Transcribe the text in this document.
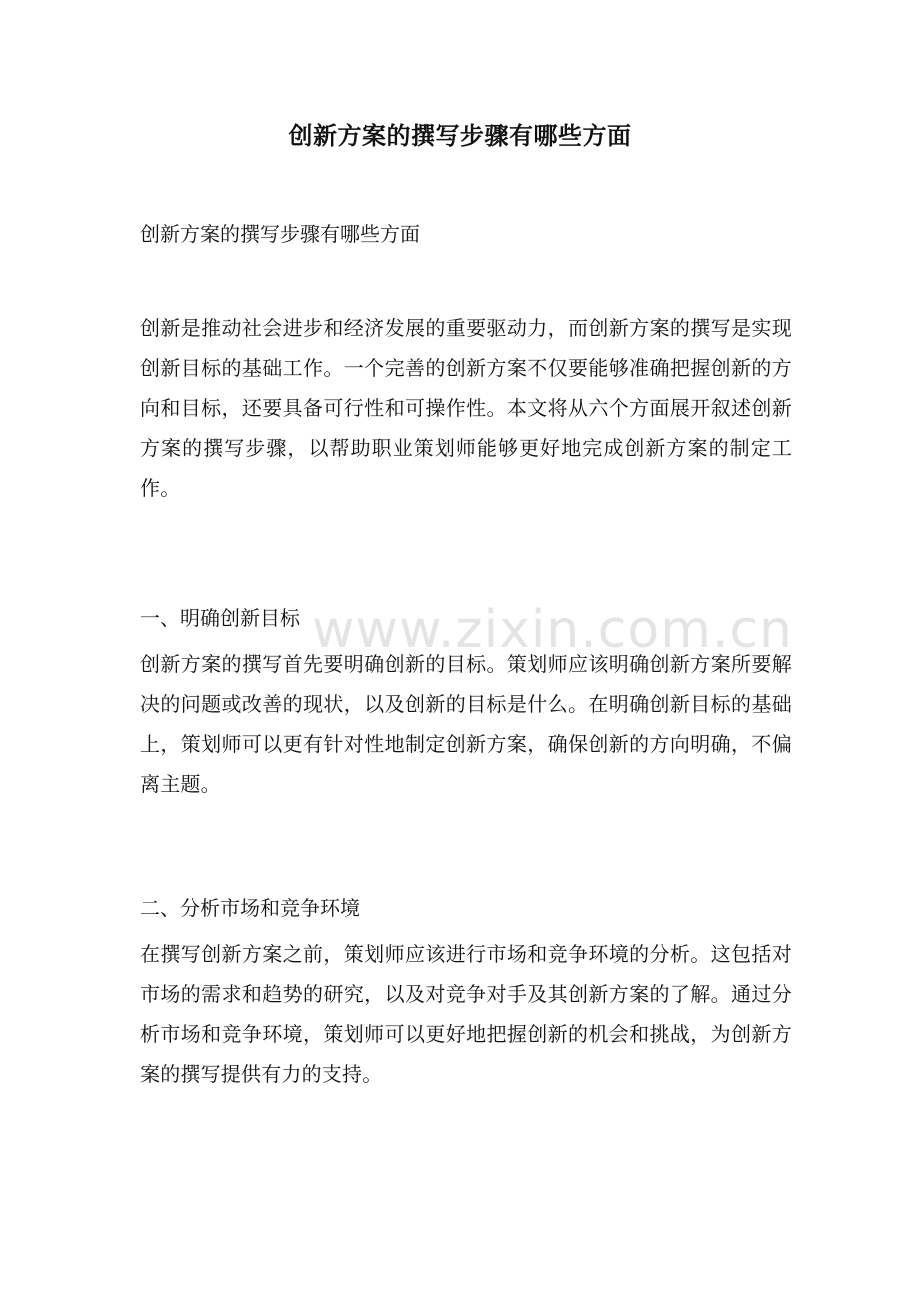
创新方案的撰写步骤有哪些方面
创新方案的撰写步骤有哪些方面

创新是推动社会进步和经济发展的重要驱动力，而创新方案的撰写是实现创新目标的基础工作。一个完善的创新方案不仅要能够准确把握创新的方向和目标，还要具备可行性和可操作性。本文将从六个方面展开叙述创新方案的撰写步骤，以帮助职业策划师能够更好地完成创新方案的制定工作。

一、明确创新目标

创新方案的撰写首先要明确创新的目标。策划师应该明确创新方案所要解决的问题或改善的现状，以及创新的目标是什么。在明确创新目标的基础上，策划师可以更有针对性地制定创新方案，确保创新的方向明确，不偏离主题。

二、分析市场和竞争环境

在撰写创新方案之前，策划师应该进行市场和竞争环境的分析。这包括对市场的需求和趋势的研究，以及对竞争对手及其创新方案的了解。通过分析市场和竞争环境，策划师可以更好地把握创新的机会和挑战，为创新方案的撰写提供有力的支持。

www.zixin.com.cn
